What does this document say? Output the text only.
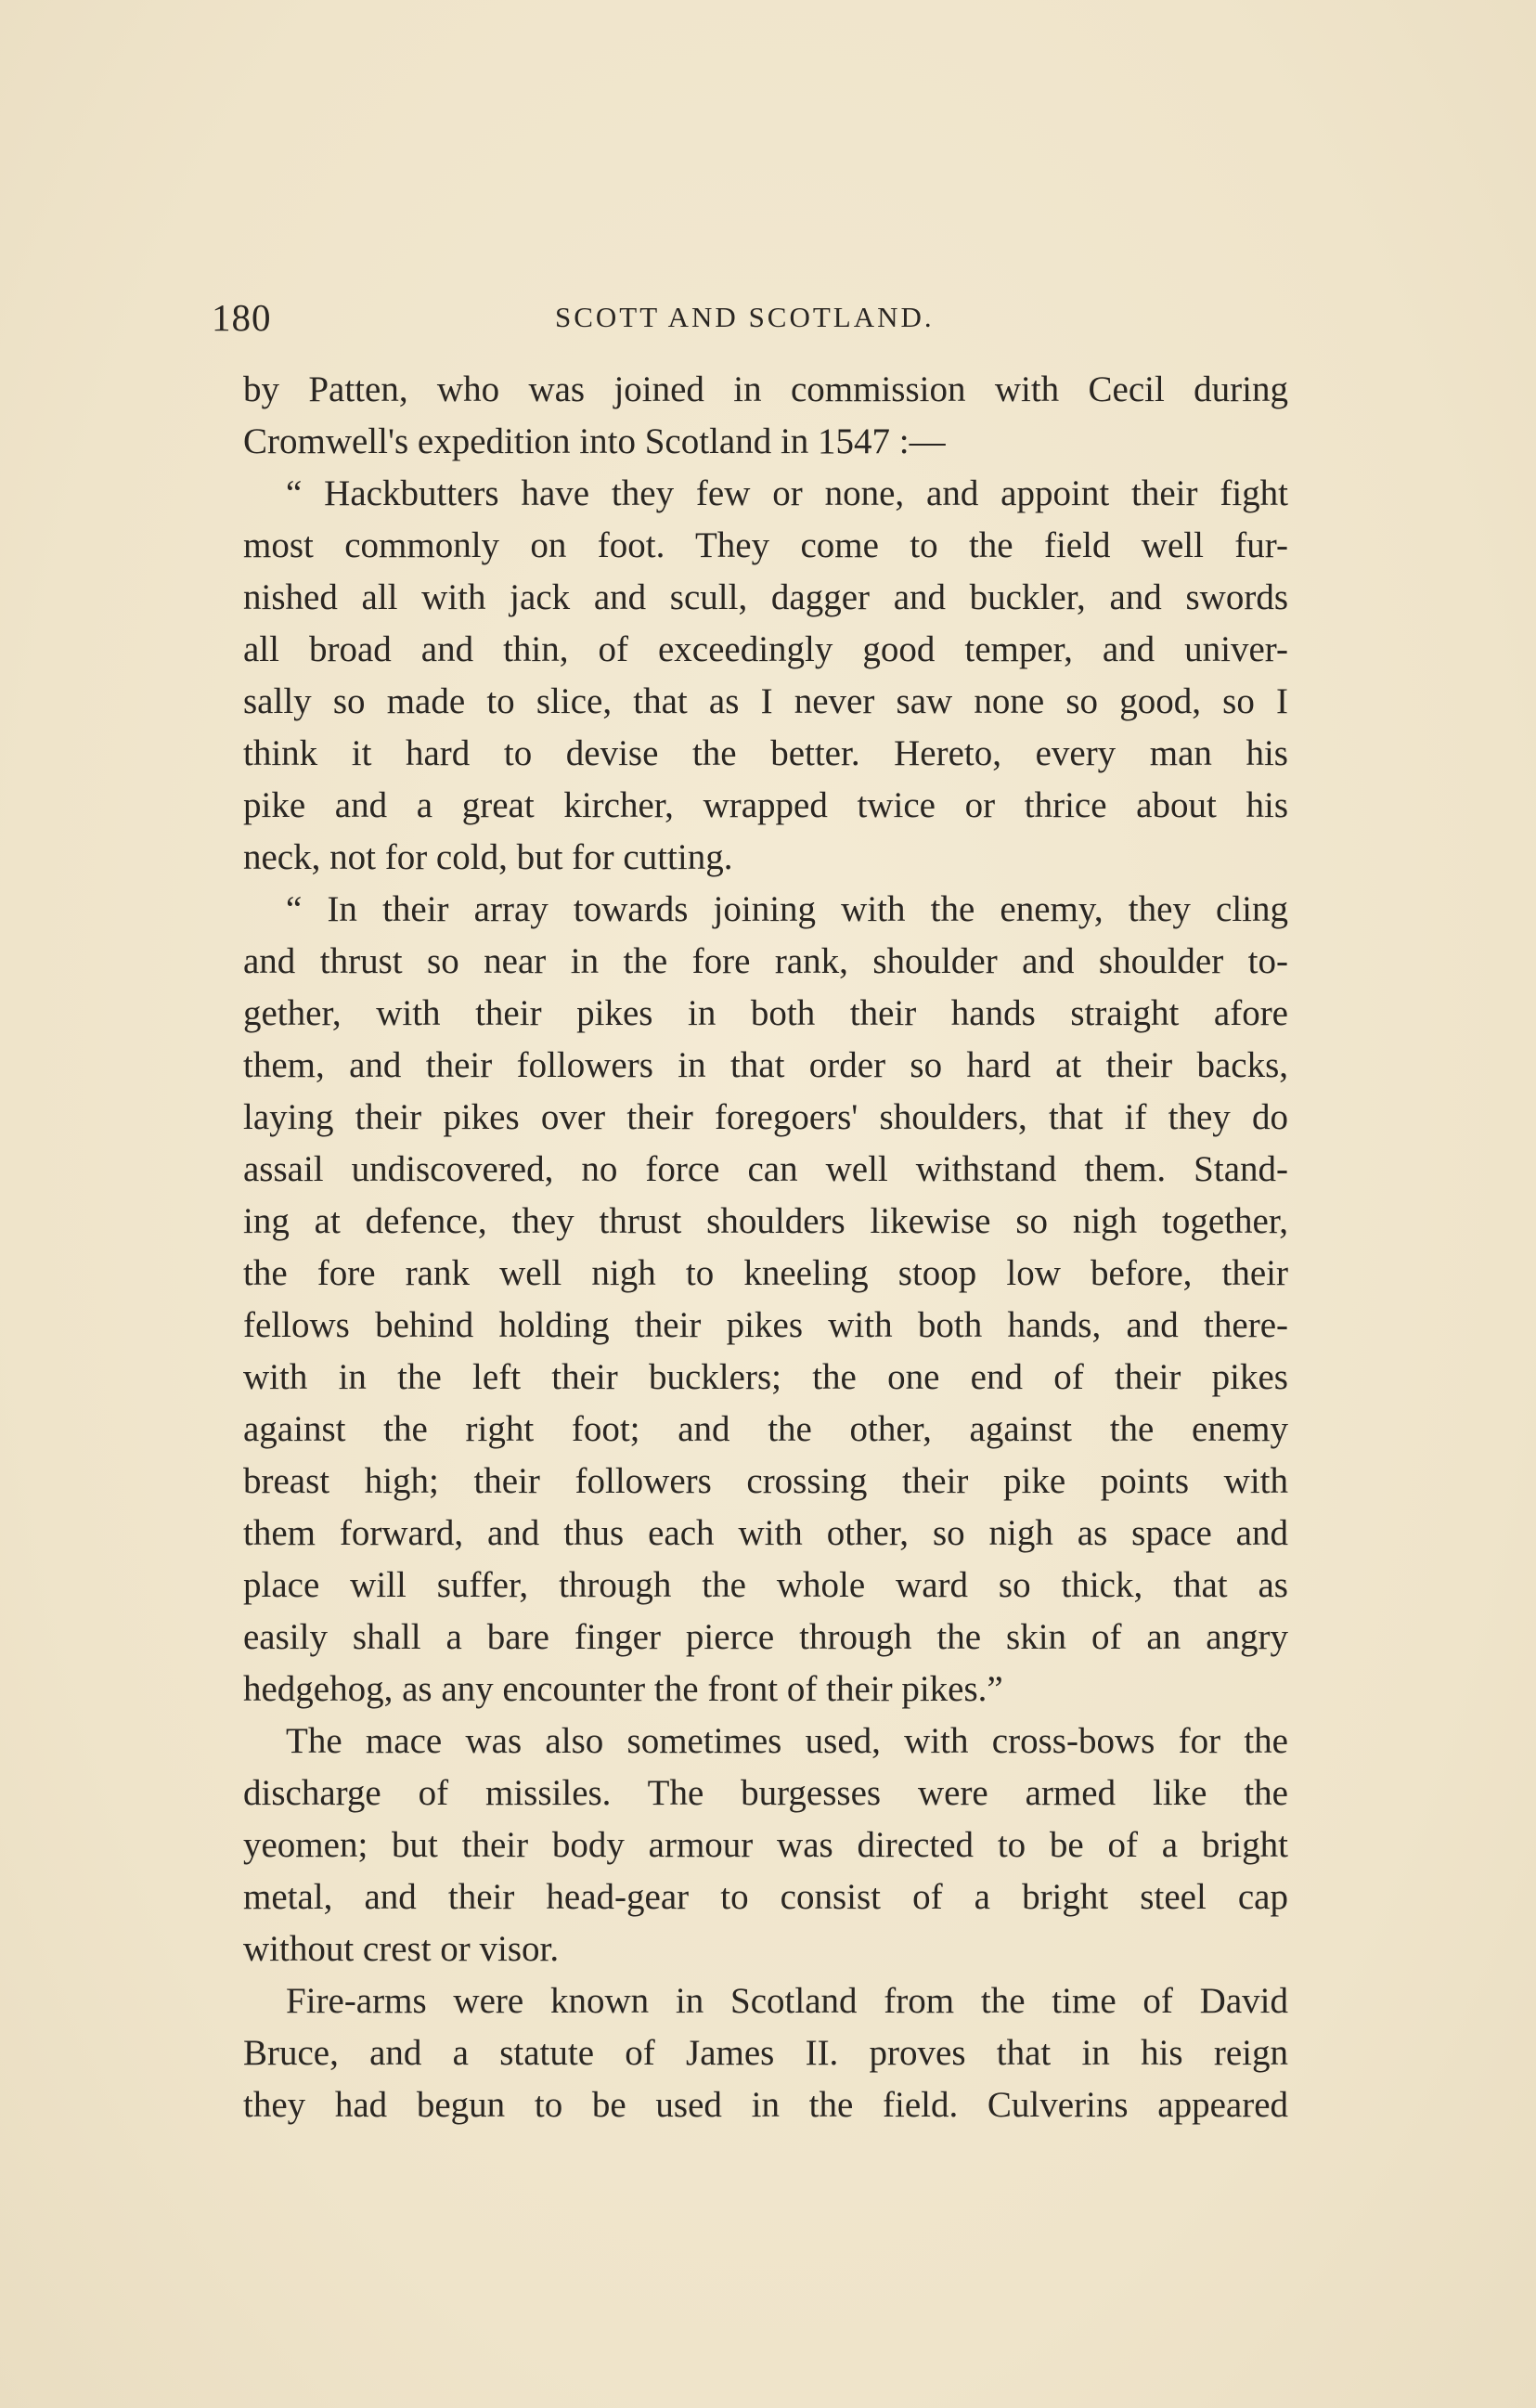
180	SCOTT AND SCOTLAND.
by Patten, who was joined in commission with Cecil during
Cromwell's expedition into Scotland in 1547 :—
“ Hackbutters have they few or none, and appoint their fight
most commonly on foot. They come to the field well fur-
nished all with jack and scull, dagger and buckler, and swords
all broad and thin, of exceedingly good temper, and univer-
sally so made to slice, that as I never saw none so good, so I
think it hard to devise the better. Hereto, every man his
pike and a great kircher, wrapped twice or thrice about his
neck, not for cold, but for cutting.
“ In their array towards joining with the enemy, they cling
and thrust so near in the fore rank, shoulder and shoulder to-
gether, with their pikes in both their hands straight afore
them, and their followers in that order so hard at their backs,
laying their pikes over their foregoers' shoulders, that if they do
assail undiscovered, no force can well withstand them. Stand-
ing at defence, they thrust shoulders likewise so nigh together,
the fore rank well nigh to kneeling stoop low before, their
fellows behind holding their pikes with both hands, and there-
with in the left their bucklers; the one end of their pikes
against the right foot; and the other, against the enemy
breast high; their followers crossing their pike points with
them forward, and thus each with other, so nigh as space and
place will suffer, through the whole ward so thick, that as
easily shall a bare finger pierce through the skin of an angry
hedgehog, as any encounter the front of their pikes.”
The mace was also sometimes used, with cross-bows for the
discharge of missiles. The burgesses were armed like the
yeomen; but their body armour was directed to be of a bright
metal, and their head-gear to consist of a bright steel cap
without crest or visor.
Fire-arms were known in Scotland from the time of David
Bruce, and a statute of James II. proves that in his reign
they had begun to be used in the field. Culverins appeared
